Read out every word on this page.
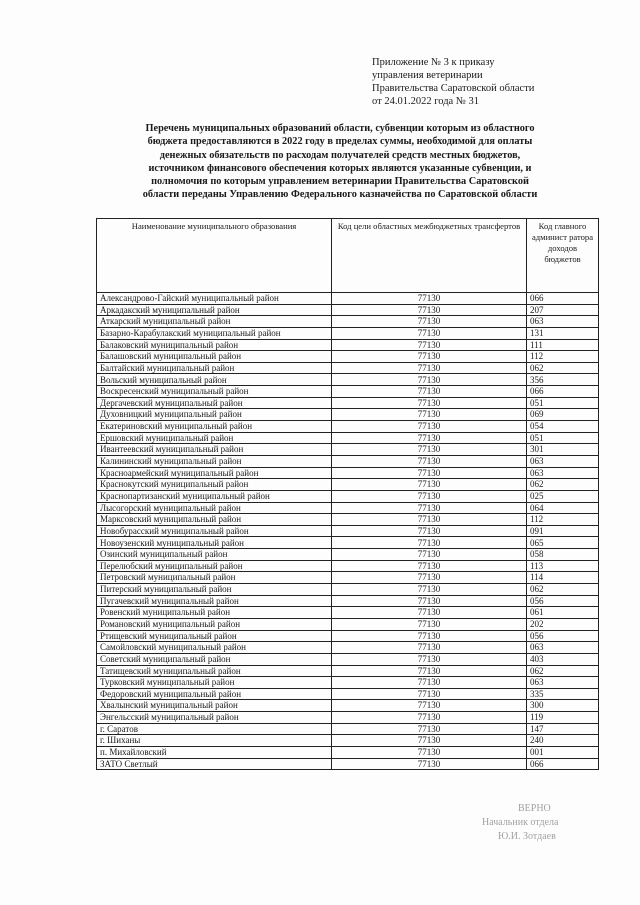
Приложение № 3 к приказу
управления ветеринарии
Правительства Саратовской области
от 24.01.2022 года № 31
Перечень муниципальных образований области, субвенции которым из областного
бюджета предоставляются в 2022 году в пределах суммы, необходимой для оплаты
денежных обязательств по расходам получателей средств местных бюджетов,
источником финансового обеспечения которых являются указанные субвенции, и
полномочия по которым управлением ветеринарии Правительства Саратовской
области переданы Управлению Федерального казначейства по Саратовской области
Наименование муниципального образования	Код цели областных межбюджетных трансфертов	Код главного админист ратора доходов бюджетов
Александрово-Гайский муниципальный район	77130	066
Аркадакский муниципальный район	77130	207
Аткарский муниципальный район	77130	063
Базарно-Карабулакский муниципальный район	77130	131
Балаковский муниципальный район	77130	111
Балашовский муниципальный район	77130	112
Балтайский муниципальный район	77130	062
Вольский муниципальный район	77130	356
Воскресенский муниципальный район	77130	066
Дергачевский муниципальный район	77130	051
Духовницкий муниципальный район	77130	069
Екатериновский муниципальный район	77130	054
Ершовский муниципальный район	77130	051
Ивантеевский муниципальный район	77130	301
Калининский муниципальный район	77130	063
Красноармейский муниципальный район	77130	063
Краснокутский муниципальный район	77130	062
Краснопартизанский муниципальный район	77130	025
Лысогорский муниципальный район	77130	064
Марксовский муниципальный район	77130	112
Новобурасский муниципальный район	77130	091
Новоузенский муниципальный район	77130	065
Озинский муниципальный район	77130	058
Перелюбский муниципальный район	77130	113
Петровский муниципальный район	77130	114
Питерский муниципальный район	77130	062
Пугачевский муниципальный район	77130	056
Ровенский муниципальный район	77130	061
Романовский муниципальный район	77130	202
Ртищевский муниципальный район	77130	056
Самойловский муниципальный район	77130	063
Советский муниципальный район	77130	403
Татищевский муниципальный район	77130	062
Турковский муниципальный район	77130	063
Федоровский муниципальный район	77130	335
Хвалынский муниципальный район	77130	300
Энгельсский муниципальный район	77130	119
г. Саратов	77130	147
г. Шиханы	77130	240
п. Михайловский	77130	001
ЗАТО Светлый	77130	066
ВЕРНО
Начальник отдела
Ю.И. Зотдаев
